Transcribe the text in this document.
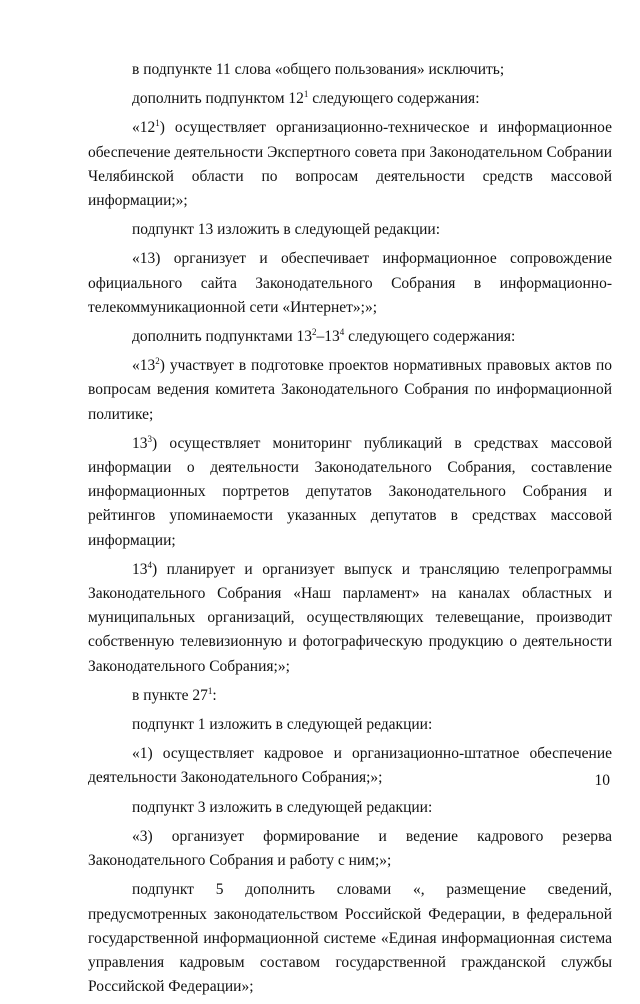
в подпункте 11 слова «общего пользования» исключить;

дополнить подпунктом $12^1$ следующего содержания:

«$12^1$) осуществляет организационно-техническое и информационное обеспечение деятельности Экспертного совета при Законодательном Собрании Челябинской области по вопросам деятельности средств массовой информации;»;

подпункт 13 изложить в следующей редакции:

«13) организует и обеспечивает информационное сопровождение официального сайта Законодательного Собрания в информационно-телекоммуникационной сети «Интернет»;»;

дополнить подпунктами $13^2-13^4$ следующего содержания:

«$13^2$) участвует в подготовке проектов нормативных правовых актов по вопросам ведения комитета Законодательного Собрания по информационной политике;

$13^3$) осуществляет мониторинг публикаций в средствах массовой информации о деятельности Законодательного Собрания, составление информационных портретов депутатов Законодательного Собрания и рейтингов упоминаемости указанных депутатов в средствах массовой информации;

$13^4$) планирует и организует выпуск и трансляцию телепрограммы Законодательного Собрания «Наш парламент» на каналах областных и муниципальных организаций, осуществляющих телевещание, производит собственную телевизионную и фотографическую продукцию о деятельности Законодательного Собрания;»;

в пункте $27^1$:

подпункт 1 изложить в следующей редакции:

«1) осуществляет кадровое и организационно-штатное обеспечение деятельности Законодательного Собрания;»;

подпункт 3 изложить в следующей редакции:

«3) организует формирование и ведение кадрового резерва Законодательного Собрания и работу с ним;»;

подпункт 5 дополнить словами «, размещение сведений, предусмотренных законодательством Российской Федерации, в федеральной государственной информационной системе «Единая информационная система управления кадровым составом государственной гражданской службы Российской Федерации»;

10
